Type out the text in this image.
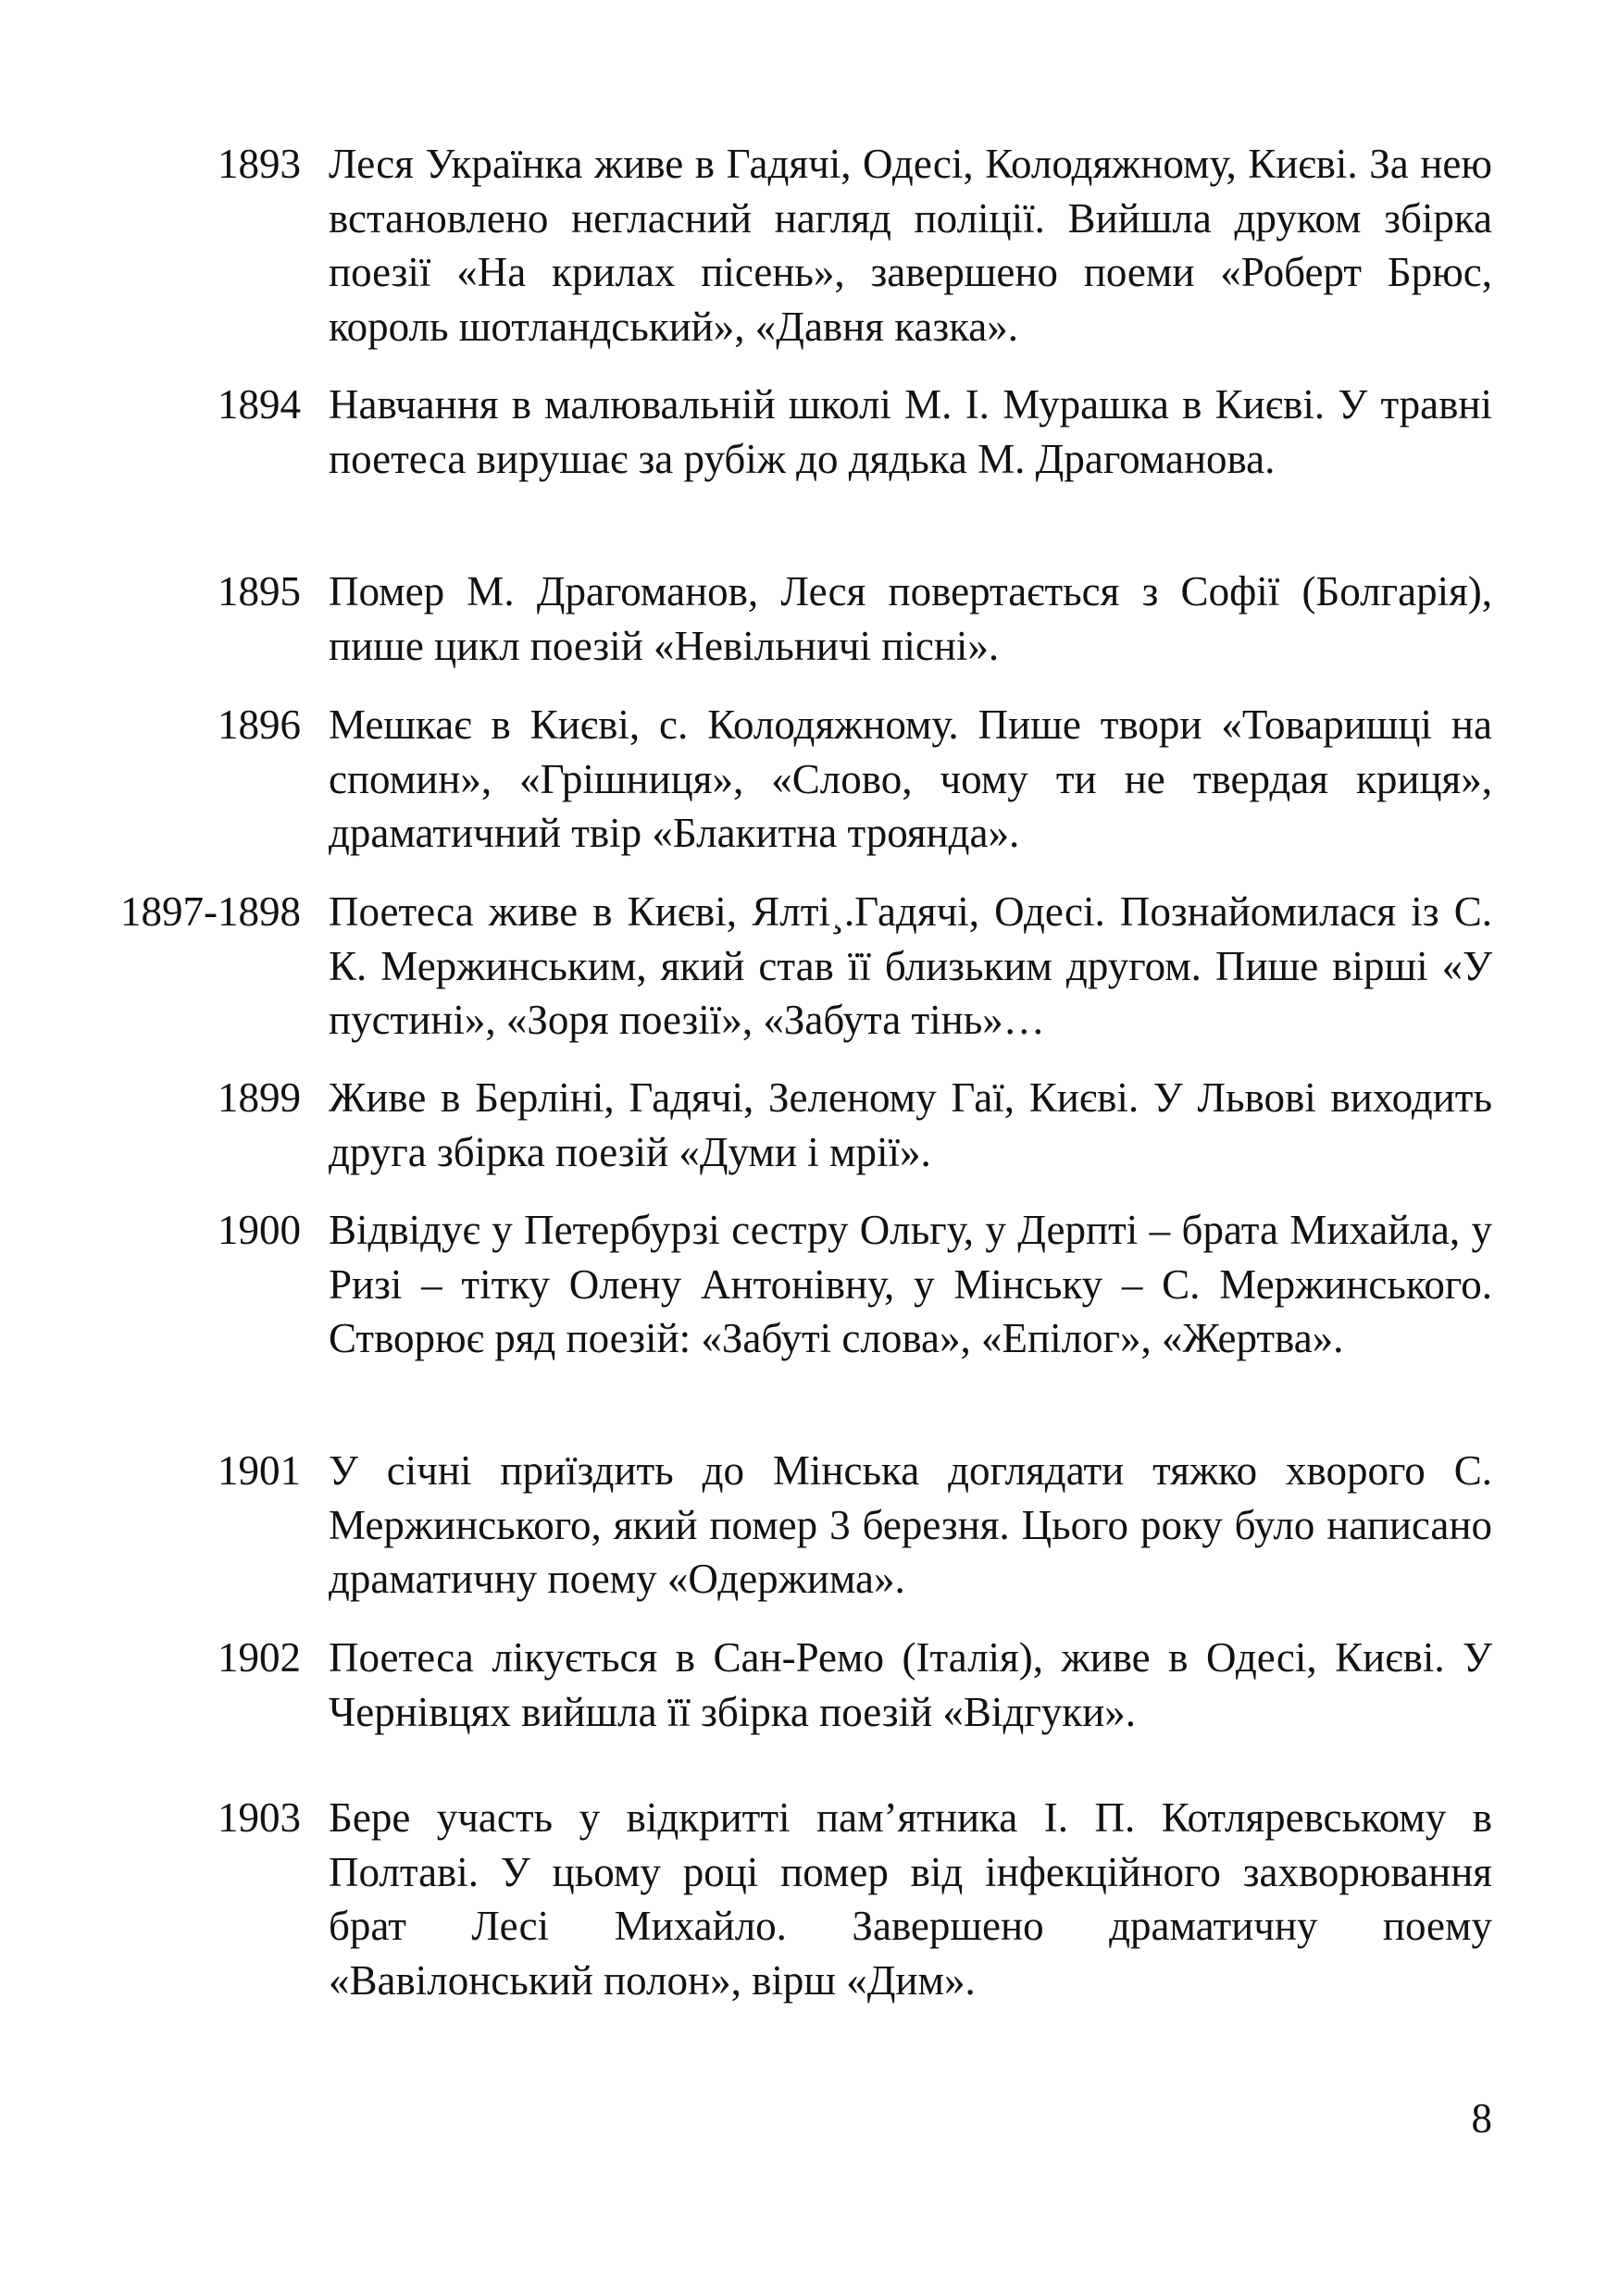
1893 Леся Українка живе в Гадячі, Одесі, Колодяжному, Києві. За нею встановлено негласний нагляд поліції. Вийшла друком збірка поезії «На крилах пісень», завершено поеми «Роберт Брюс, король шотландський», «Давня казка».

1894 Навчання в малювальній школі М. І. Мурашка в Києві. У травні поетеса вирушає за рубіж до дядька М. Драгоманова.

1895 Помер М. Драгоманов, Леся повертається з Софії (Болгарія), пише цикл поезій «Невільничі пісні».

1896 Мешкає в Києві, с. Колодяжному. Пише твори «Товаришці на спомин», «Грішниця», «Слово, чому ти не твердая криця», драматичний твір «Блакитна троянда».

1897-1898 Поетеса живе в Києві, Ялті¸.Гадячі, Одесі. Познайомилася із С. К. Мержинським, який став її близьким другом. Пише вірші «У пустині», «Зоря поезії», «Забута тінь»…

1899 Живе в Берліні, Гадячі, Зеленому Гаї, Києві. У Львові виходить друга збірка поезій «Думи і мрії».

1900 Відвідує у Петербурзі сестру Ольгу, у Дерпті – брата Михайла, у Ризі – тітку Олену Антонівну, у Мінську – С. Мержинського. Створює ряд поезій: «Забуті слова», «Епілог», «Жертва».

1901 У січні приїздить до Мінська доглядати тяжко хворого С. Мержинського, який помер 3 березня. Цього року було написано драматичну поему «Одержима».

1902 Поетеса лікується в Сан-Ремо (Італія), живе в Одесі, Києві. У Чернівцях вийшла її збірка поезій «Відгуки».

1903 Бере участь у відкритті пам’ятника І. П. Котляревському в Полтаві. У цьому році помер від інфекційного захворювання брат Лесі Михайло. Завершено драматичну поему «Вавілонський полон», вірш «Дим».

8
